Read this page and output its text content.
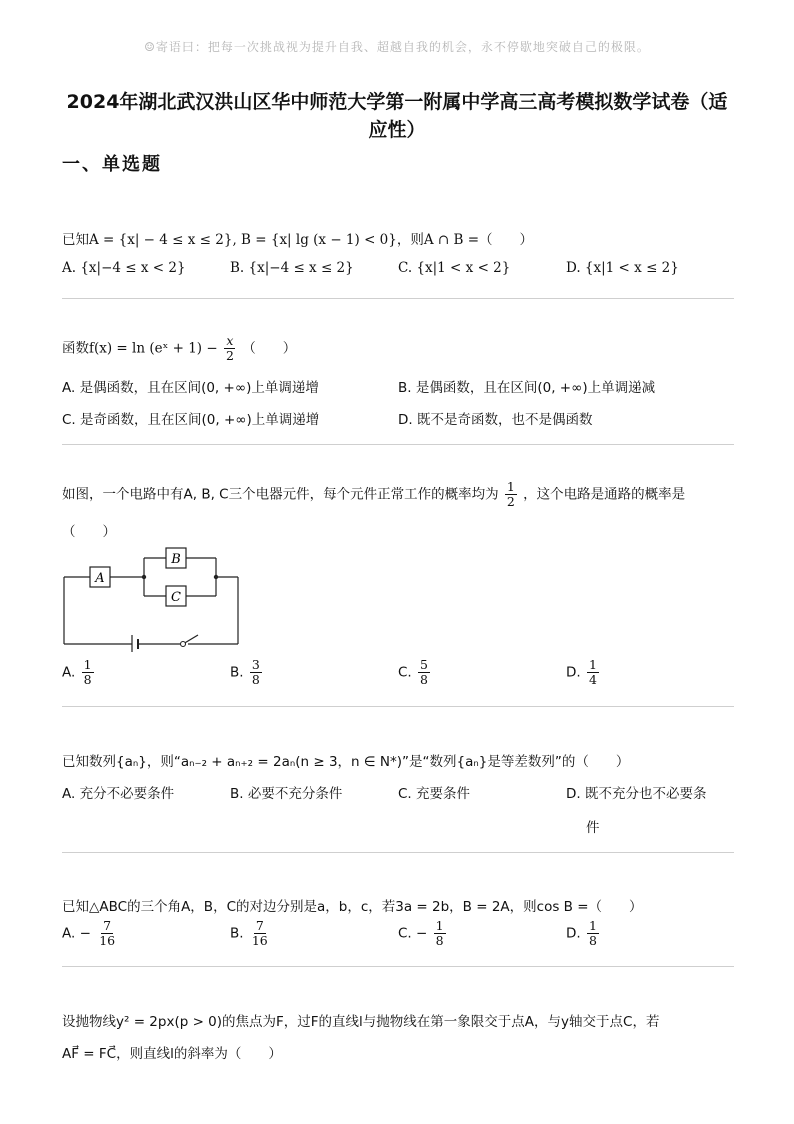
☺寄语曰：把每一次挑战视为提升自我、超越自我的机会，永不停歇地突破自己的极限。
2024年湖北武汉洪山区华中师范大学第一附属中学高三高考模拟数学试卷（适
应性）
一、单选题
已知A = {x| − 4 ≤ x ≤ 2}, B = {x| lg (x − 1) < 0}，则A ∩ B =（　　）
A. {x|−4 ≤ x < 2}	B. {x|−4 ≤ x ≤ 2}	C. {x|1 < x < 2}	D. {x|1 < x ≤ 2}
函数f(x) = ln (eˣ + $1) - \frac{x}{2}$ （　　）
A. 是偶函数，且在区间(0, +∞)上单调递增	B. 是偶函数，且在区间(0, +∞)上单调递减
C. 是奇函数，且在区间(0, +∞)上单调递增	D. 既不是奇函数，也不是偶函数
如图，一个电路中有A, B, C三个电器元件，每个元件正常工作的概率均为 $\frac{1}{2}$ ，这个电路是通路的概率是
（　　）
A
B
C
A. $\frac{1}{8}$	B. $\frac{3}{8}$	C. $\frac{5}{8}$	D. $\frac{1}{4}$
已知数列{aₙ}，则“aₙ₋₂ + aₙ₊₂ = 2aₙ(n ≥ 3，n ∈ N*)”是“数列{aₙ}是等差数列”的（　　）
A. 充分不必要条件	B. 必要不充分条件	C. 充要条件	D. 既不充分也不必要条
件
已知△ABC的三个角A，B，C的对边分别是a，b，c，若3a = 2b，B = 2A，则cos B =（　　）
A. − $\frac{7}{16}$	B. $\frac{7}{16}$	C. − $\frac{1}{8}$	D. $\frac{1}{8}$
设抛物线y² = 2px(p > 0)的焦点为F，过F的直线l与抛物线在第一象限交于点A，与y轴交于点C，若
AF⃗ = FC⃗，则直线l的斜率为（　　）
